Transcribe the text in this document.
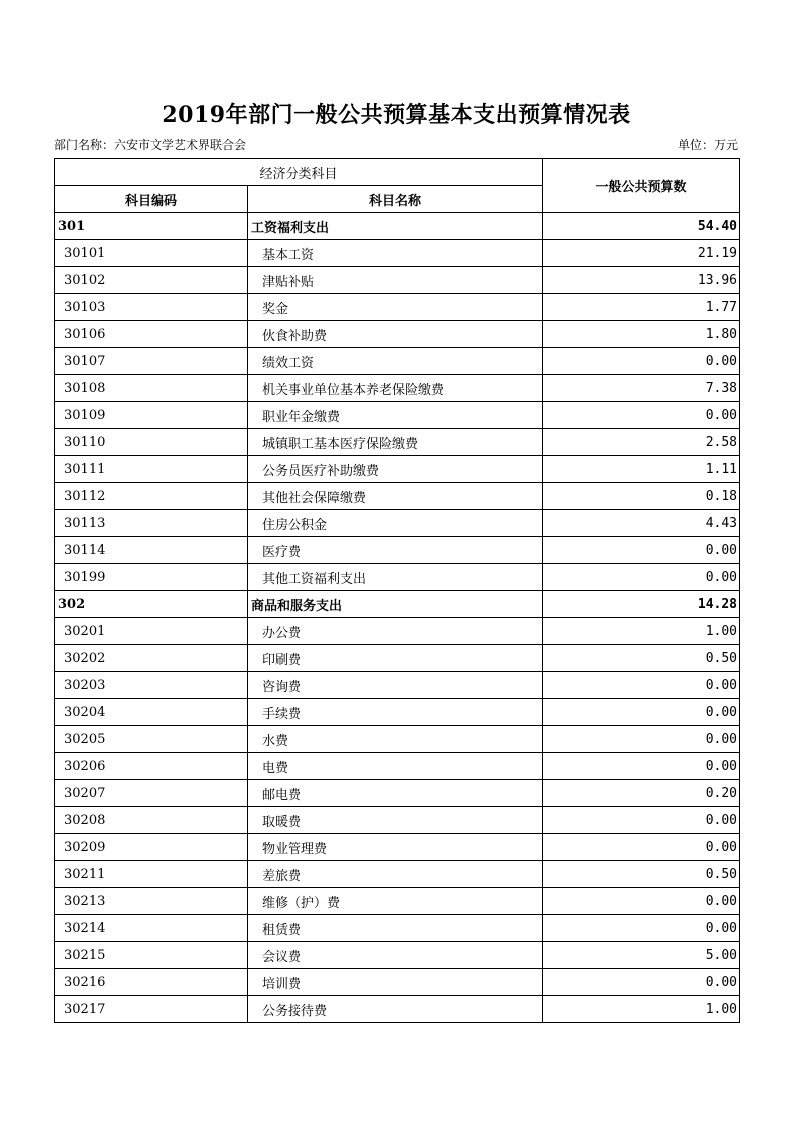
2019年部门一般公共预算基本支出预算情况表
部门名称：六安市文学艺术界联合会	单位：万元
经济分类科目		一般公共预算数
科目编码	科目名称	
301	工资福利支出	54.40
30101	基本工资	21.19
30102	津贴补贴	13.96
30103	奖金	1.77
30106	伙食补助费	1.80
30107	绩效工资	0.00
30108	机关事业单位基本养老保险缴费	7.38
30109	职业年金缴费	0.00
30110	城镇职工基本医疗保险缴费	2.58
30111	公务员医疗补助缴费	1.11
30112	其他社会保障缴费	0.18
30113	住房公积金	4.43
30114	医疗费	0.00
30199	其他工资福利支出	0.00
302	商品和服务支出	14.28
30201	办公费	1.00
30202	印刷费	0.50
30203	咨询费	0.00
30204	手续费	0.00
30205	水费	0.00
30206	电费	0.00
30207	邮电费	0.20
30208	取暖费	0.00
30209	物业管理费	0.00
30211	差旅费	0.50
30213	维修（护）费	0.00
30214	租赁费	0.00
30215	会议费	5.00
30216	培训费	0.00
30217	公务接待费	1.00
